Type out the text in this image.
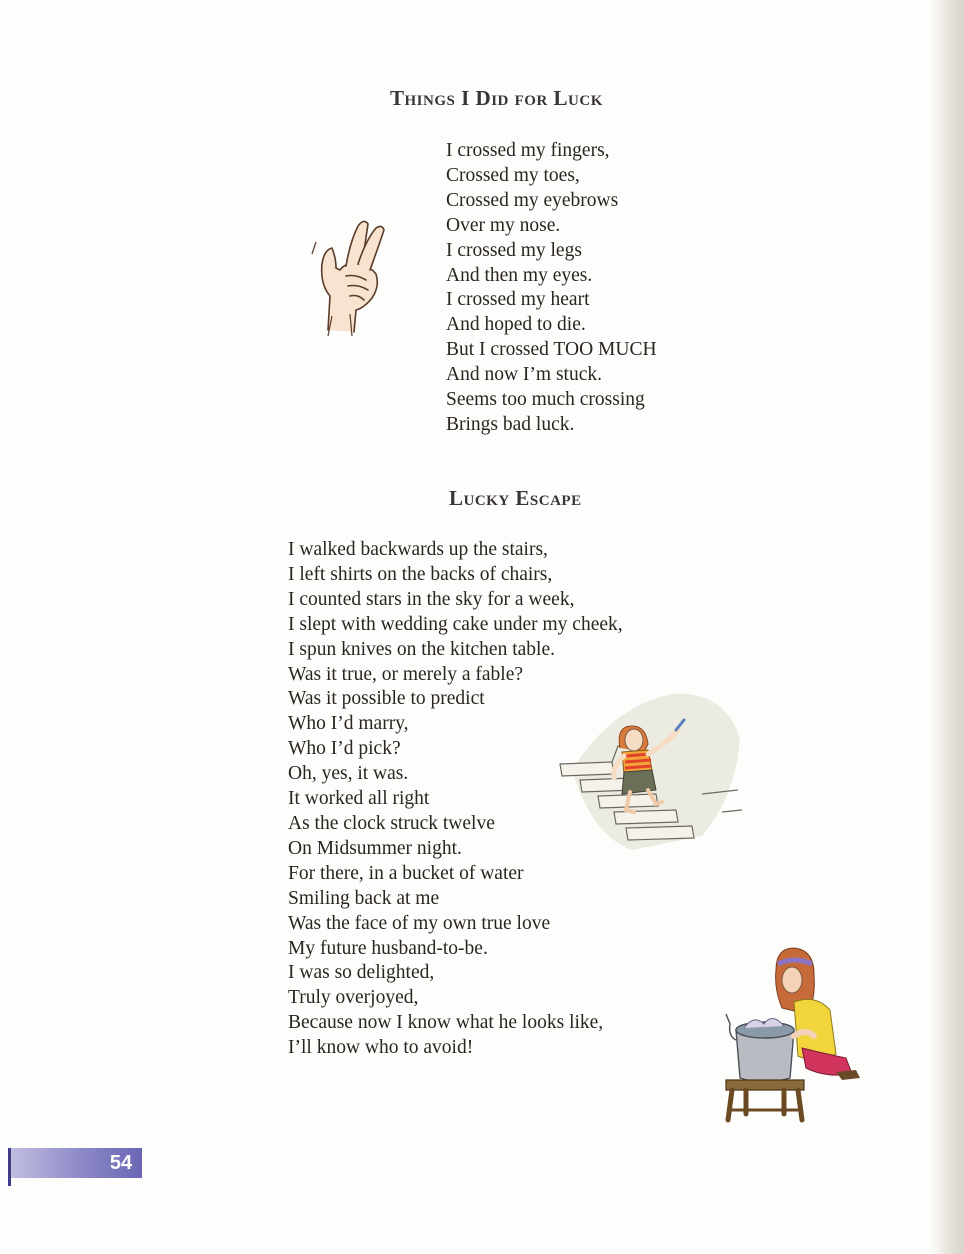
Things I Did for Luck
I crossed my fingers,
Crossed my toes,
Crossed my eyebrows
Over my nose.
I crossed my legs
And then my eyes.
I crossed my heart
And hoped to die.
But I crossed TOO MUCH
And now I’m stuck.
Seems too much crossing
Brings bad luck.
Lucky Escape
I walked backwards up the stairs,
I left shirts on the backs of chairs,
I counted stars in the sky for a week,
I slept with wedding cake under my cheek,
I spun knives on the kitchen table.
Was it true, or merely a fable?
Was it possible to predict
Who I’d marry,
Who I’d pick?
Oh, yes, it was.
It worked all right
As the clock struck twelve
On Midsummer night.
For there, in a bucket of water
Smiling back at me
Was the face of my own true love
My future husband-to-be.
I was so delighted,
Truly overjoyed,
Because now I know what he looks like,
I’ll know who to avoid!
54
